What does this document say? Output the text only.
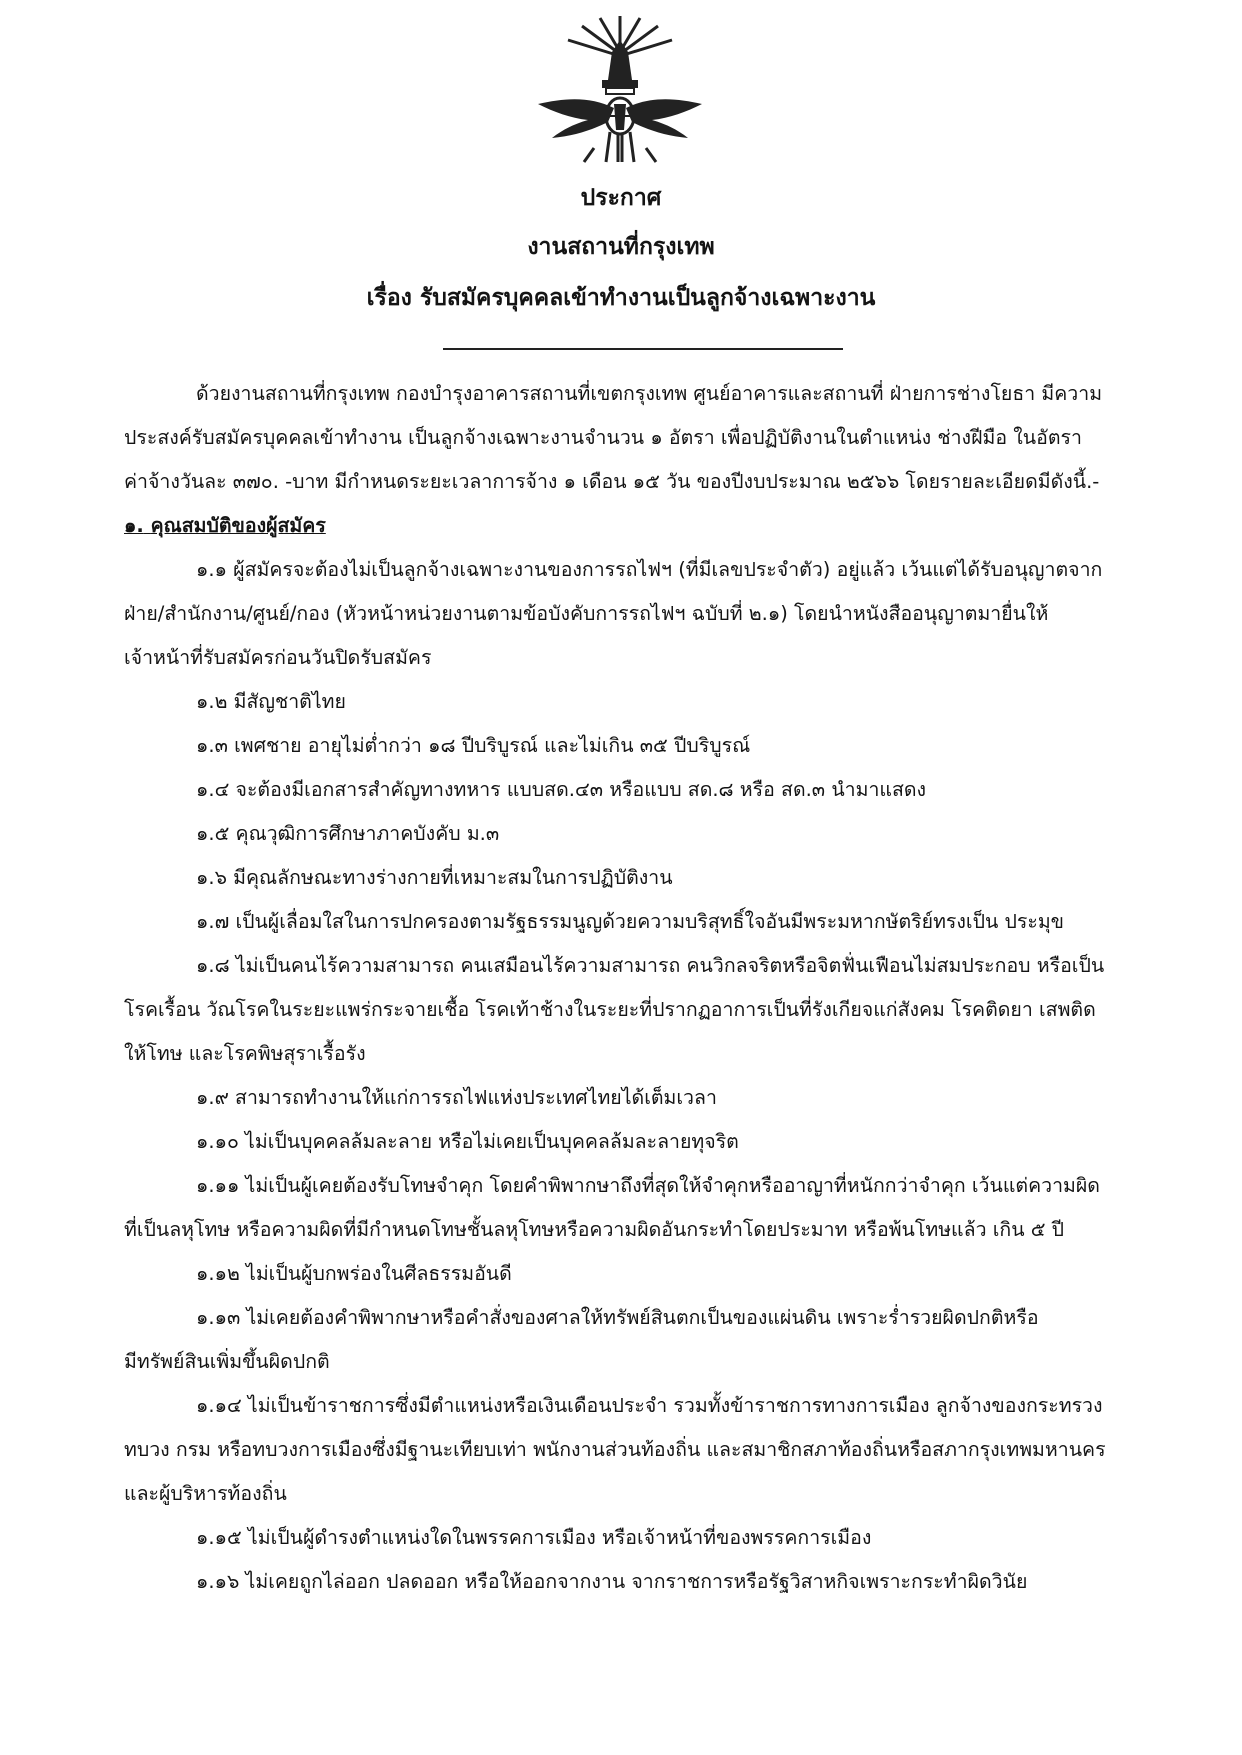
ประกาศ

งานสถานที่กรุงเทพ

เรื่อง รับสมัครบุคคลเข้าทำงานเป็นลูกจ้างเฉพาะงาน

ด้วยงานสถานที่กรุงเทพ กองบำรุงอาคารสถานที่เขตกรุงเทพ ศูนย์อาคารและสถานที่ ฝ่ายการช่างโยธา มีความ

ประสงค์รับสมัครบุคคลเข้าทำงาน เป็นลูกจ้างเฉพาะงานจำนวน ๑ อัตรา เพื่อปฏิบัติงานในตำแหน่ง ช่างฝีมือ ในอัตรา

ค่าจ้างวันละ ๓๗๐. -บาท มีกำหนดระยะเวลาการจ้าง ๑ เดือน ๑๕ วัน ของปีงบประมาณ ๒๕๖๖ โดยรายละเอียดมีดังนี้.-

๑. คุณสมบัติของผู้สมัคร

๑.๑ ผู้สมัครจะต้องไม่เป็นลูกจ้างเฉพาะงานของการรถไฟฯ (ที่มีเลขประจำตัว) อยู่แล้ว เว้นแต่ได้รับอนุญาตจาก

ฝ่าย/สำนักงาน/ศูนย์/กอง (หัวหน้าหน่วยงานตามข้อบังคับการรถไฟฯ ฉบับที่ ๒.๑) โดยนำหนังสืออนุญาตมายื่นให้

เจ้าหน้าที่รับสมัครก่อนวันปิดรับสมัคร

๑.๒ มีสัญชาติไทย

๑.๓ เพศชาย อายุไม่ต่ำกว่า ๑๘ ปีบริบูรณ์ และไม่เกิน ๓๕ ปีบริบูรณ์

๑.๔ จะต้องมีเอกสารสำคัญทางทหาร แบบสด.๔๓ หรือแบบ สด.๘ หรือ สด.๓ นำมาแสดง

๑.๕ คุณวุฒิการศึกษาภาคบังคับ ม.๓

๑.๖ มีคุณลักษณะทางร่างกายที่เหมาะสมในการปฏิบัติงาน

๑.๗ เป็นผู้เลื่อมใสในการปกครองตามรัฐธรรมนูญด้วยความบริสุทธิ์ใจอันมีพระมหากษัตริย์ทรงเป็น ประมุข

๑.๘ ไม่เป็นคนไร้ความสามารถ คนเสมือนไร้ความสามารถ คนวิกลจริตหรือจิตฟั่นเฟือนไม่สมประกอบ หรือเป็น

โรคเรื้อน วัณโรคในระยะแพร่กระจายเชื้อ โรคเท้าช้างในระยะที่ปรากฏอาการเป็นที่รังเกียจแก่สังคม โรคติดยา เสพติด

ให้โทษ และโรคพิษสุราเรื้อรัง

๑.๙ สามารถทำงานให้แก่การรถไฟแห่งประเทศไทยได้เต็มเวลา

๑.๑๐ ไม่เป็นบุคคลล้มละลาย หรือไม่เคยเป็นบุคคลล้มละลายทุจริต

๑.๑๑ ไม่เป็นผู้เคยต้องรับโทษจำคุก โดยคำพิพากษาถึงที่สุดให้จำคุกหรืออาญาที่หนักกว่าจำคุก เว้นแต่ความผิด

ที่เป็นลหุโทษ หรือความผิดที่มีกำหนดโทษชั้นลหุโทษหรือความผิดอันกระทำโดยประมาท หรือพ้นโทษแล้ว เกิน ๕ ปี

๑.๑๒ ไม่เป็นผู้บกพร่องในศีลธรรมอันดี

๑.๑๓ ไม่เคยต้องคำพิพากษาหรือคำสั่งของศาลให้ทรัพย์สินตกเป็นของแผ่นดิน เพราะร่ำรวยผิดปกติหรือ

มีทรัพย์สินเพิ่มขึ้นผิดปกติ

๑.๑๔ ไม่เป็นข้าราชการซึ่งมีตำแหน่งหรือเงินเดือนประจำ รวมทั้งข้าราชการทางการเมือง ลูกจ้างของกระทรวง

ทบวง กรม หรือทบวงการเมืองซึ่งมีฐานะเทียบเท่า พนักงานส่วนท้องถิ่น และสมาชิกสภาท้องถิ่นหรือสภากรุงเทพมหานคร

และผู้บริหารท้องถิ่น

๑.๑๕ ไม่เป็นผู้ดำรงตำแหน่งใดในพรรคการเมือง หรือเจ้าหน้าที่ของพรรคการเมือง

๑.๑๖ ไม่เคยถูกไล่ออก ปลดออก หรือให้ออกจากงาน จากราชการหรือรัฐวิสาหกิจเพราะกระทำผิดวินัย
